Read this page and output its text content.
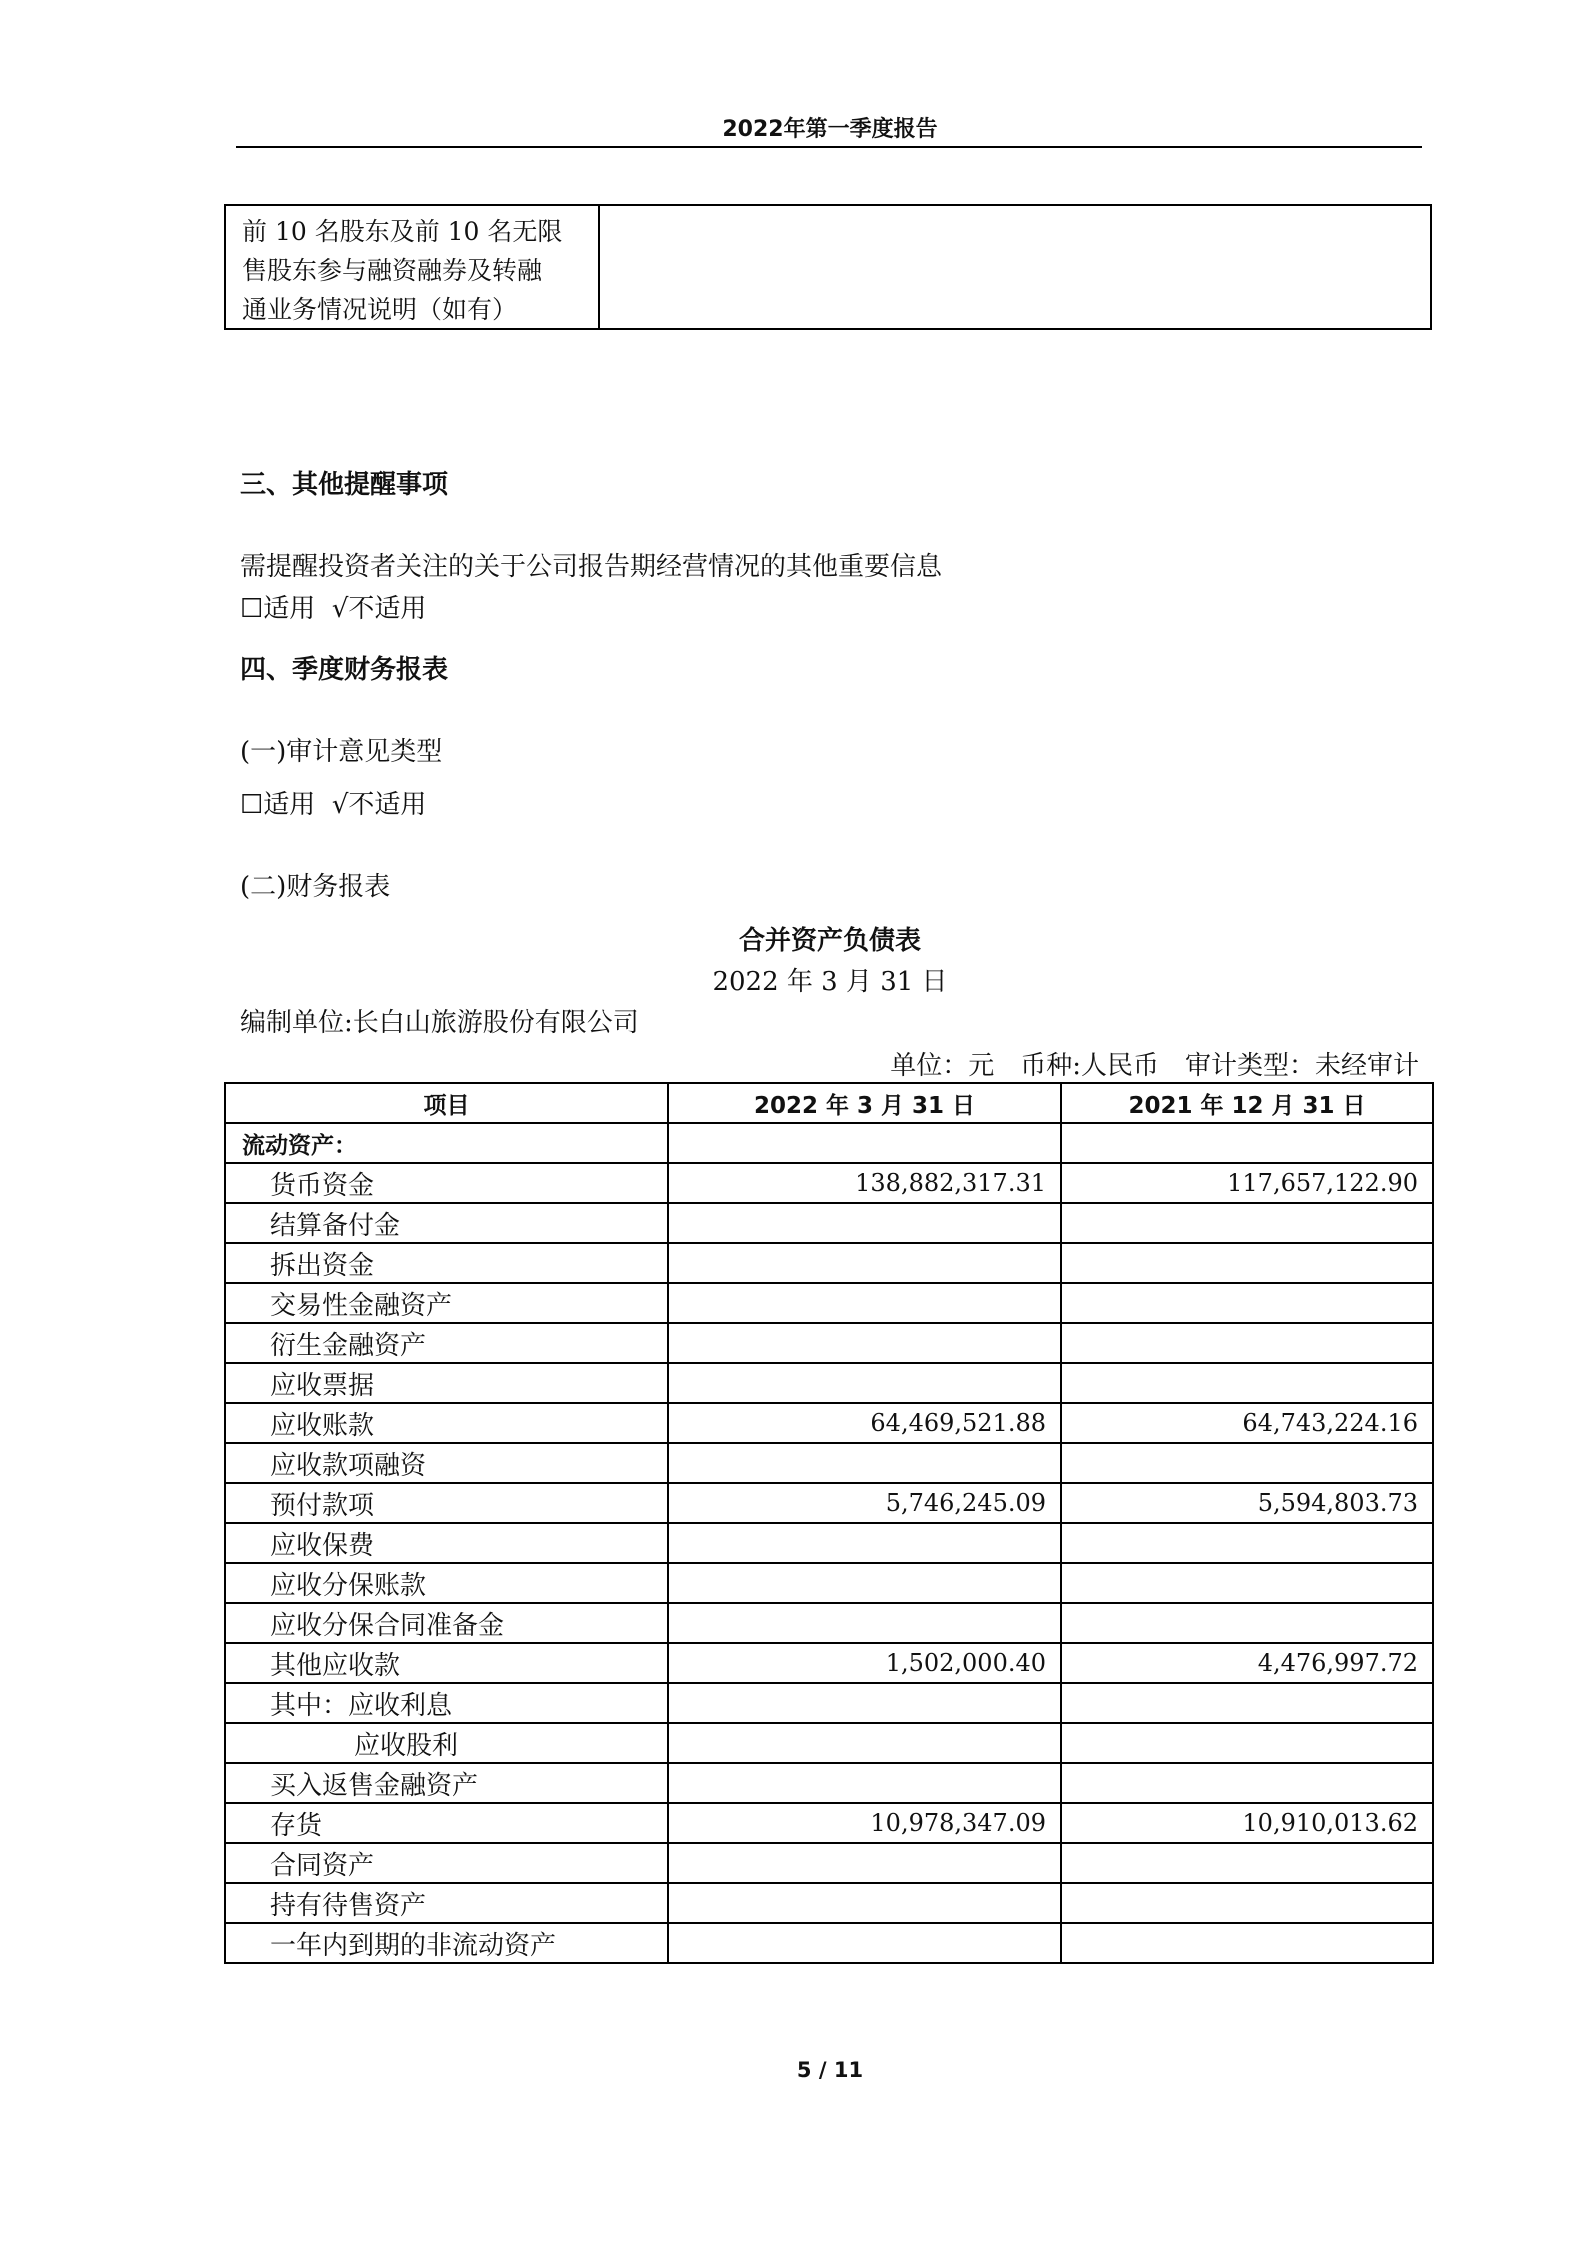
2022年第一季度报告
前 10 名股东及前 10 名无限
售股东参与融资融券及转融
通业务情况说明（如有）
三、其他提醒事项
需提醒投资者关注的关于公司报告期经营情况的其他重要信息
☐适用  √不适用
四、季度财务报表
(一)审计意见类型
☐适用  √不适用
(二)财务报表
合并资产负债表
2022 年 3 月 31 日
编制单位:长白山旅游股份有限公司
单位：元 币种:人民币 审计类型：未经审计
项目	2022 年 3 月 31 日	2021 年 12 月 31 日
流动资产：		
货币资金	138,882,317.31	117,657,122.90
结算备付金		
拆出资金		
交易性金融资产		
衍生金融资产		
应收票据		
应收账款	64,469,521.88	64,743,224.16
应收款项融资		
预付款项	5,746,245.09	5,594,803.73
应收保费		
应收分保账款		
应收分保合同准备金		
其他应收款	1,502,000.40	4,476,997.72
其中：应收利息		
应收股利		
买入返售金融资产		
存货	10,978,347.09	10,910,013.62
合同资产		
持有待售资产		
一年内到期的非流动资产		
5 / 11
